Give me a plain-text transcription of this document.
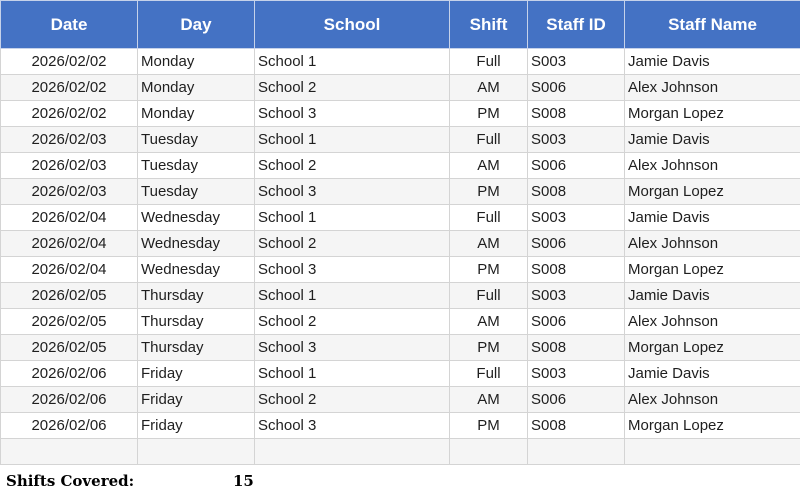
Date	Day	School	Shift	Staff ID	Staff Name
2026/02/02	Monday	School 1	Full	S003	Jamie Davis
2026/02/02	Monday	School 2	AM	S006	Alex Johnson
2026/02/02	Monday	School 3	PM	S008	Morgan Lopez
2026/02/03	Tuesday	School 1	Full	S003	Jamie Davis
2026/02/03	Tuesday	School 2	AM	S006	Alex Johnson
2026/02/03	Tuesday	School 3	PM	S008	Morgan Lopez
2026/02/04	Wednesday	School 1	Full	S003	Jamie Davis
2026/02/04	Wednesday	School 2	AM	S006	Alex Johnson
2026/02/04	Wednesday	School 3	PM	S008	Morgan Lopez
2026/02/05	Thursday	School 1	Full	S003	Jamie Davis
2026/02/05	Thursday	School 2	AM	S006	Alex Johnson
2026/02/05	Thursday	School 3	PM	S008	Morgan Lopez
2026/02/06	Friday	School 1	Full	S003	Jamie Davis
2026/02/06	Friday	School 2	AM	S006	Alex Johnson
2026/02/06	Friday	School 3	PM	S008	Morgan Lopez

Shifts Covered:	15
